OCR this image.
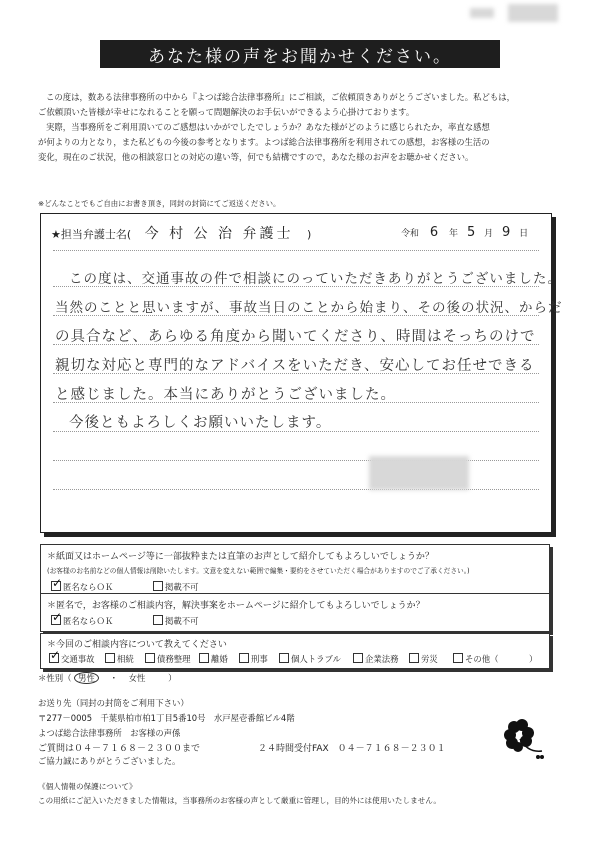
あなた様の声をお聞かせください。
この度は，数ある法律事務所の中から『よつば総合法律事務所』にご相談，ご依頼頂きありがとうございました。私どもは，
ご依頼頂いた皆様が幸せになれることを願って問題解決のお手伝いができるよう心掛けております。
実際，当事務所をご利用頂いてのご感想はいかがでしたでしょうか？あなた様がどのように感じられたか，率直な感想
が何よりの力となり，また私どもの今後の参考となります。よつば総合法律事務所を利用されての感想，お客様の生活の
変化，現在のご状況，他の相談窓口との対応の違い等，何でも結構ですので，あなた様のお声をお聴かせください。
※どんなことでもご自由にお書き頂き，同封の封筒にてご返送ください。
★担当弁護士名( 今 村 公 治 弁護士 )	令和 6 年 5 月 9 日
この度は、交通事故の件で相談にのっていただきありがとうございました。
当然のことと思いますが、事故当日のことから始まり、その後の状況、からだ
の具合など、あらゆる角度から聞いてくださり、時間はそっちのけで
親切な対応と専門的なアドバイスをいただき、安心してお任せできる
と感じました。本当にありがとうございました。
今後ともよろしくお願いいたします。
＊紙面又はホームページ等に一部抜粋または直筆のお声として紹介してもよろしいでしょうか？
(お客様のお名前などの個人情報は削除いたします。文意を変えない範囲で編集・要約をさせていただく場合がありますのでご了承ください。)
✓匿名ならＯＫ	掲載不可
＊匿名で，お客様のご相談内容，解決事案をホームページに紹介してもよろしいでしょうか？
✓匿名ならＯＫ	掲載不可
＊今回のご相談内容について教えてください
✓交通事故	相続	債務整理	離婚	刑事	個人トラブル	企業法務	労災	その他（	）
＊性別（ 男性 ・ 女性	）
お送り先（同封の封筒をご利用下さい）
〒277－0005　千葉県柏市柏1丁目5番10号　水戸屋壱番館ビル4階
よつば総合法律事務所　お客様の声係
ご質問は０４－７１６８－２３００まで	２４時間受付FAX　０４－７１６８－２３０１
ご協力誠にありがとうございました。
《個人情報の保護について》
この用紙にご記入いただきました情報は，当事務所のお客様の声として厳重に管理し，目的外には使用いたしません。
